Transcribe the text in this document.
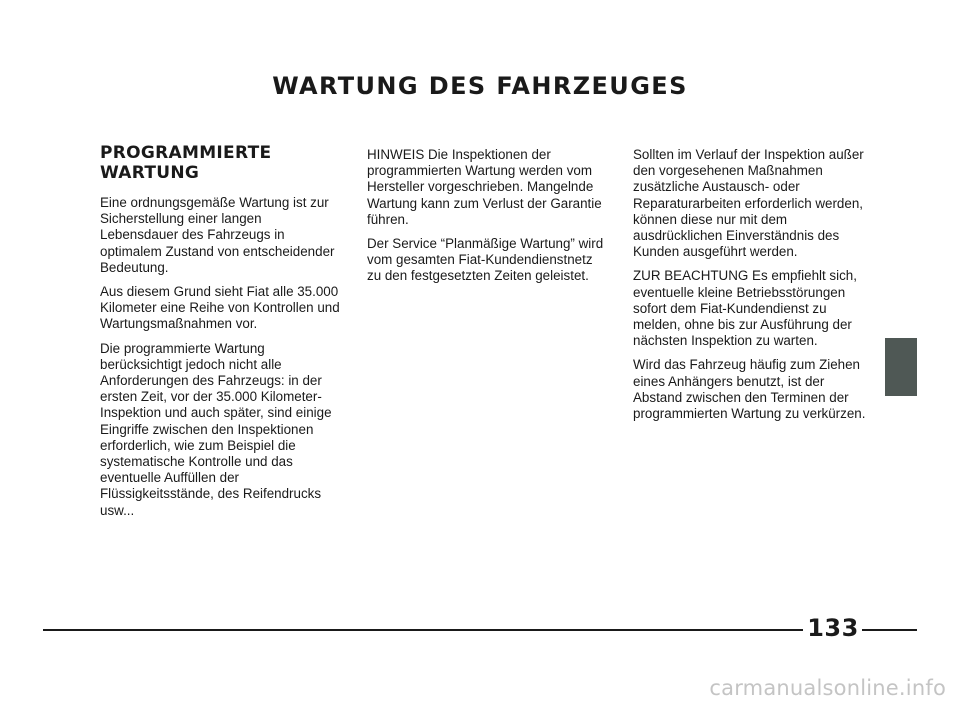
WARTUNG DES FAHRZEUGES
PROGRAMMIERTE WARTUNG

Eine ordnungsgemäße Wartung ist zur Sicherstellung einer langen Lebensdauer des Fahrzeugs in optimalem Zustand von entscheidender Bedeutung.

Aus diesem Grund sieht Fiat alle 35.000 Kilometer eine Reihe von Kontrollen und Wartungsmaßnahmen vor.

Die programmierte Wartung berücksichtigt jedoch nicht alle Anforderungen des Fahrzeugs: in der ersten Zeit, vor der 35.000 Kilometer-Inspektion und auch später, sind einige Eingriffe zwischen den Inspektionen erforderlich, wie zum Beispiel die systematische Kontrolle und das eventuelle Auffüllen der Flüssigkeitsstände, des Reifendrucks usw...

HINWEIS Die Inspektionen der programmierten Wartung werden vom Hersteller vorgeschrieben. Mangelnde Wartung kann zum Verlust der Garantie führen.

Der Service “Planmäßige Wartung” wird vom gesamten Fiat-Kundendienstnetz zu den festgesetzten Zeiten geleistet.

Sollten im Verlauf der Inspektion außer den vorgesehenen Maßnahmen zusätzliche Austausch- oder Reparaturarbeiten erforderlich werden, können diese nur mit dem ausdrücklichen Einverständnis des Kunden ausgeführt werden.

ZUR BEACHTUNG Es empfiehlt sich, eventuelle kleine Betriebsstörungen sofort dem Fiat-Kundendienst zu melden, ohne bis zur Ausführung der nächsten Inspektion zu warten.

Wird das Fahrzeug häufig zum Ziehen eines Anhängers benutzt, ist der Abstand zwischen den Terminen der programmierten Wartung zu verkürzen.

133
carmanualsonline.info
